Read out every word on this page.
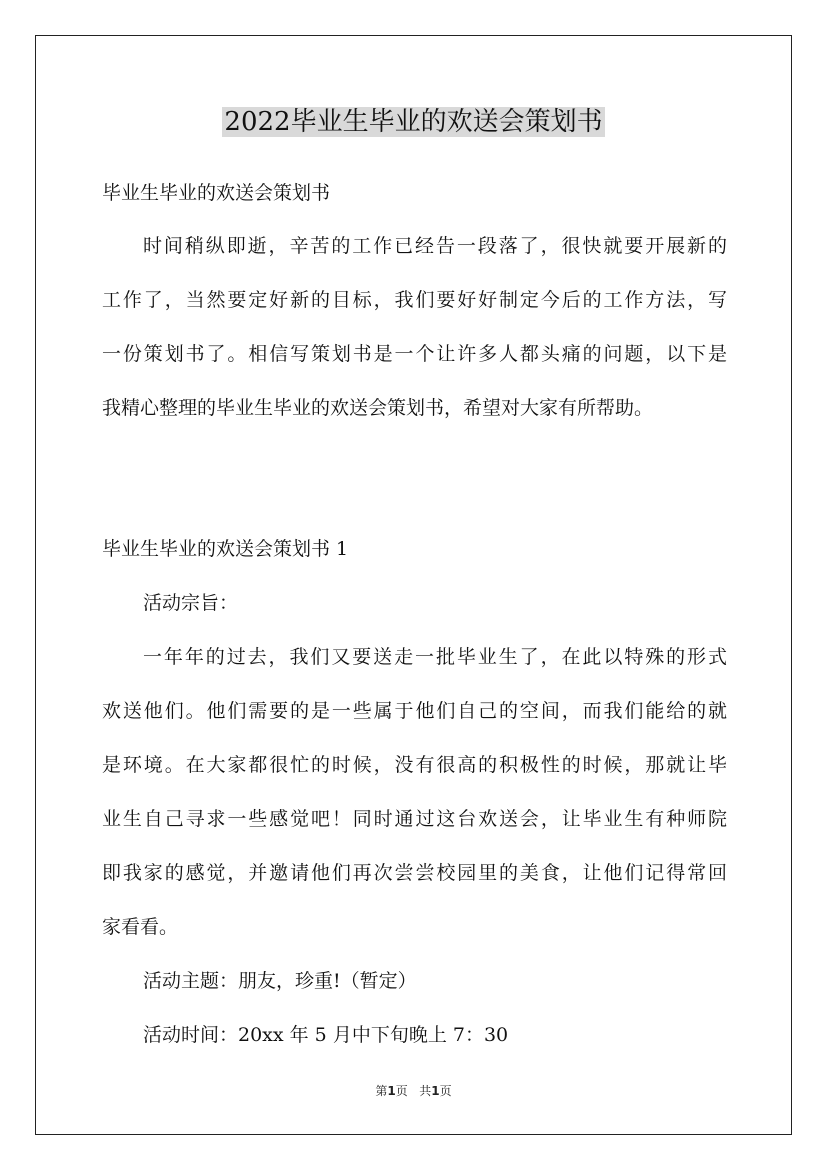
2022毕业生毕业的欢送会策划书
毕业生毕业的欢送会策划书
时间稍纵即逝，辛苦的工作已经告一段落了，很快就要开展新的
工作了，当然要定好新的目标，我们要好好制定今后的工作方法，写
一份策划书了。相信写策划书是一个让许多人都头痛的问题，以下是
我精心整理的毕业生毕业的欢送会策划书，希望对大家有所帮助。
毕业生毕业的欢送会策划书 1
活动宗旨：
一年年的过去，我们又要送走一批毕业生了，在此以特殊的形式
欢送他们。他们需要的是一些属于他们自己的空间，而我们能给的就
是环境。在大家都很忙的时候，没有很高的积极性的时候，那就让毕
业生自己寻求一些感觉吧！同时通过这台欢送会，让毕业生有种师院
即我家的感觉，并邀请他们再次尝尝校园里的美食，让他们记得常回
家看看。
活动主题：朋友，珍重!（暂定）
活动时间：20xx 年 5 月中下旬晚上 7：30
第1页 共1页
